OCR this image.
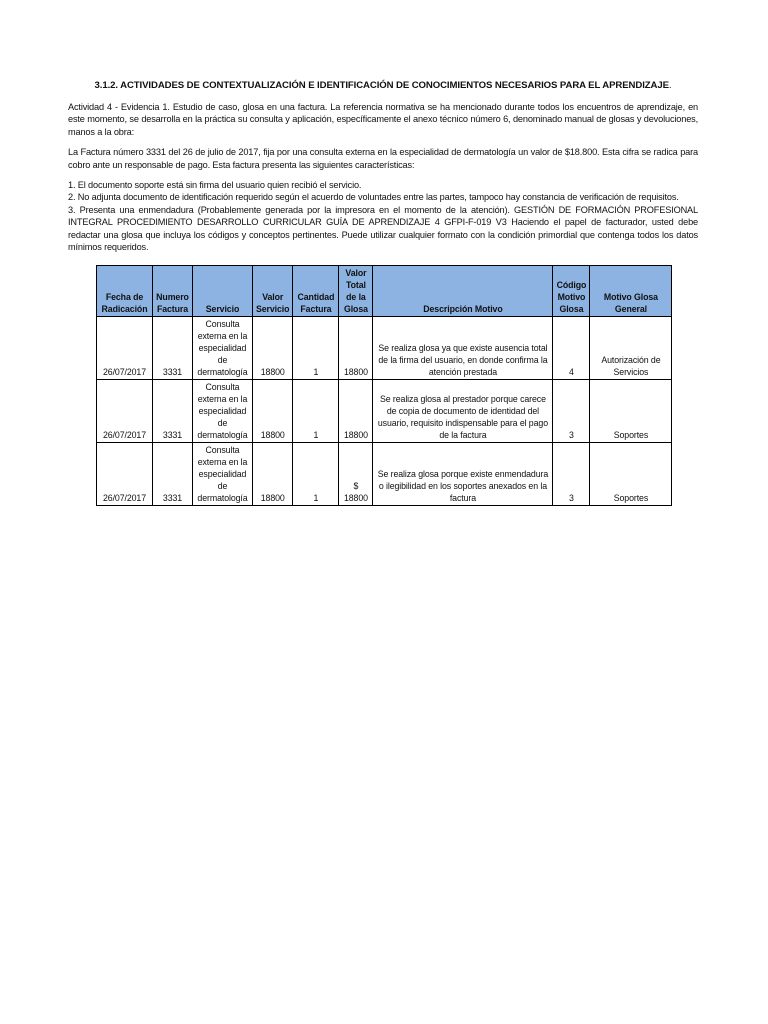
3.1.2. ACTIVIDADES DE CONTEXTUALIZACIÓN E IDENTIFICACIÓN DE CONOCIMIENTOS NECESARIOS PARA EL APRENDIZAJE.

Actividad 4 - Evidencia 1. Estudio de caso, glosa en una factura. La referencia normativa se ha mencionado durante todos los encuentros de aprendizaje, en este momento, se desarrolla en la práctica su consulta y aplicación, específicamente el anexo técnico número 6, denominado manual de glosas y devoluciones, manos a la obra:

La Factura número 3331 del 26 de julio de 2017, fija por una consulta externa en la especialidad de dermatología un valor de $18.800. Esta cifra se radica para cobro ante un responsable de pago. Esta factura presenta las siguientes características:

1. El documento soporte está sin firma del usuario quien recibió el servicio.

2. No adjunta documento de identificación requerido según el acuerdo de voluntades entre las partes, tampoco hay constancia de verificación de requisitos.

3. Presenta una enmendadura (Probablemente generada por la impresora en el momento de la atención). GESTIÓN DE FORMACIÓN PROFESIONAL INTEGRAL PROCEDIMIENTO DESARROLLO CURRICULAR GUÍA DE APRENDIZAJE 4 GFPI-F-019 V3 Haciendo el papel de facturador, usted debe redactar una glosa que incluya los códigos y conceptos pertinentes. Puede utilizar cualquier formato con la condición primordial que contenga todos los datos mínimos requeridos.

Fecha de Radicación	Numero Factura	Servicio	Valor Servicio	Cantidad Factura	Valor Total de la Glosa	Descripción Motivo	Código Motivo Glosa	Motivo Glosa General
26/07/2017	3331	Consulta externa en la especialidad de dermatología	18800	1	18800	Se realiza glosa ya que existe ausencia total de la firma del usuario, en donde confirma la atención prestada	4	Autorización de Servicios
26/07/2017	3331	Consulta externa en la especialidad de dermatología	18800	1	18800	Se realiza glosa al prestador porque carece de copia de documento de identidad del usuario, requisito indispensable para el pago de la factura	3	Soportes
26/07/2017	3331	Consulta externa en la especialidad de dermatología	18800	1	$ 18800	Se realiza glosa porque existe enmendadura o ilegibilidad en los soportes anexados en la factura	3	Soportes
